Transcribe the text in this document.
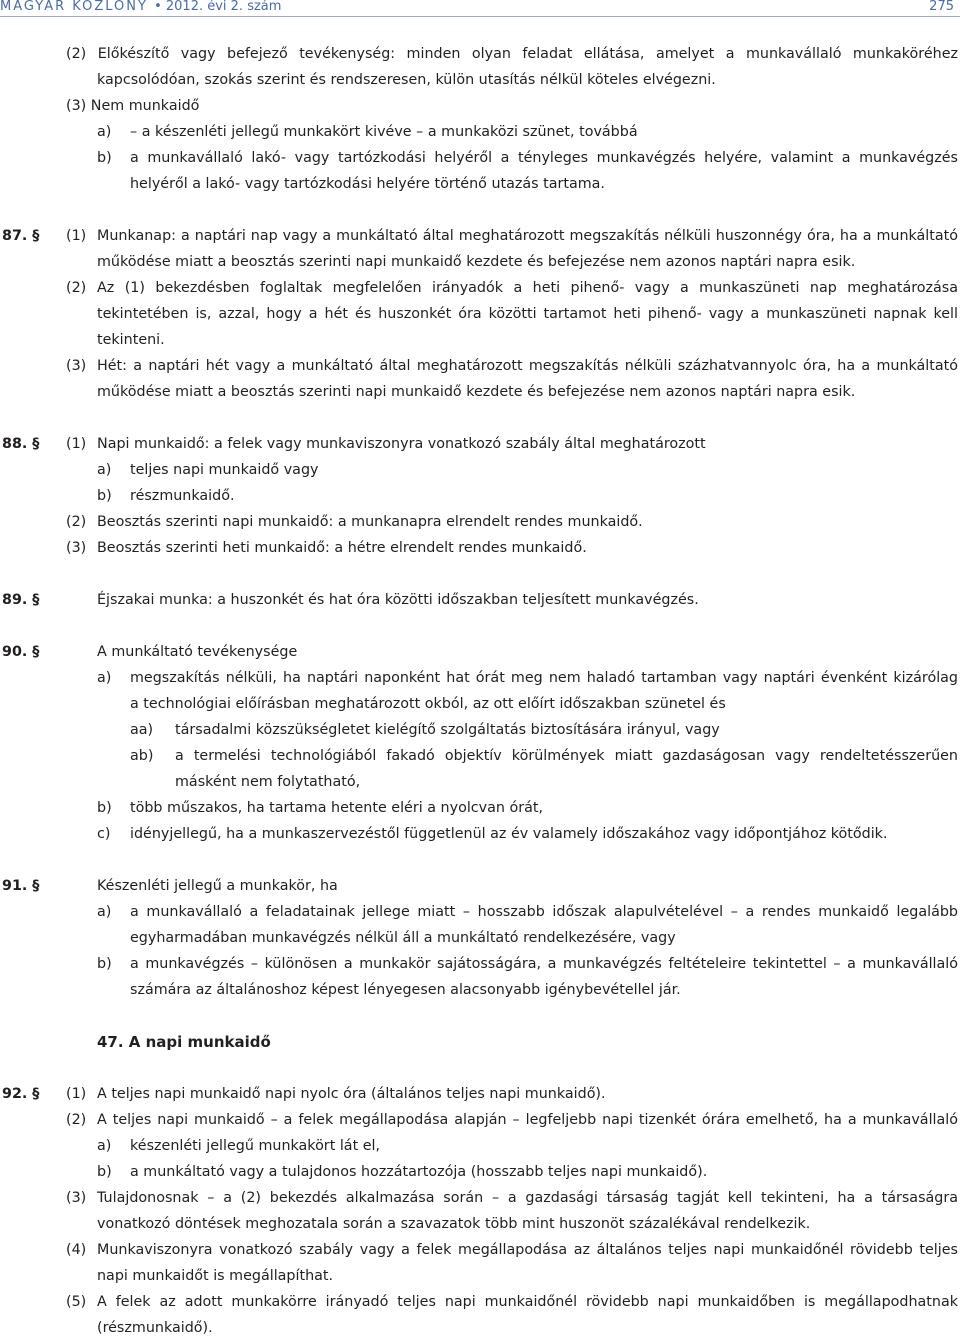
MAGYAR KÖZLÖNY • 2012. évi 2. szám	275
(2) Előkészítő vagy befejező tevékenység: minden olyan feladat ellátása, amelyet a munkavállaló munkaköréhez
kapcsolódóan, szokás szerint és rendszeresen, külön utasítás nélkül köteles elvégezni.
(3) Nem munkaidő
a) – a készenléti jellegű munkakört kivéve – a munkaközi szünet, továbbá
b) a munkavállaló lakó- vagy tartózkodási helyéről a tényleges munkavégzés helyére, valamint a munkavégzés
helyéről a lakó- vagy tartózkodási helyére történő utazás tartama.
87. § (1) Munkanap: a naptári nap vagy a munkáltató által meghatározott megszakítás nélküli huszonnégy óra, ha a munkáltató
működése miatt a beosztás szerinti napi munkaidő kezdete és befejezése nem azonos naptári napra esik.
(2) Az (1) bekezdésben foglaltak megfelelően irányadók a heti pihenő- vagy a munkaszüneti nap meghatározása
tekintetében is, azzal, hogy a hét és huszonkét óra közötti tartamot heti pihenő- vagy a munkaszüneti napnak kell
tekinteni.
(3) Hét: a naptári hét vagy a munkáltató által meghatározott megszakítás nélküli százhatvannyolc óra, ha a munkáltató
működése miatt a beosztás szerinti napi munkaidő kezdete és befejezése nem azonos naptári napra esik.
88. § (1) Napi munkaidő: a felek vagy munkaviszonyra vonatkozó szabály által meghatározott
a) teljes napi munkaidő vagy
b) részmunkaidő.
(2) Beosztás szerinti napi munkaidő: a munkanapra elrendelt rendes munkaidő.
(3) Beosztás szerinti heti munkaidő: a hétre elrendelt rendes munkaidő.
89. §	Éjszakai munka: a huszonkét és hat óra közötti időszakban teljesített munkavégzés.
90. §	A munkáltató tevékenysége
a) megszakítás nélküli, ha naptári naponként hat órát meg nem haladó tartamban vagy naptári évenként kizárólag
a technológiai előírásban meghatározott okból, az ott előírt időszakban szünetel és
aa) társadalmi közszükségletet kielégítő szolgáltatás biztosítására irányul, vagy
ab) a termelési technológiából fakadó objektív körülmények miatt gazdaságosan vagy rendeltetésszerűen
másként nem folytatható,
b) több műszakos, ha tartama hetente eléri a nyolcvan órát,
c) idényjellegű, ha a munkaszervezéstől függetlenül az év valamely időszakához vagy időpontjához kötődik.
91. §	Készenléti jellegű a munkakör, ha
a) a munkavállaló a feladatainak jellege miatt – hosszabb időszak alapulvételével – a rendes munkaidő legalább
egyharmadában munkavégzés nélkül áll a munkáltató rendelkezésére, vagy
b) a munkavégzés – különösen a munkakör sajátosságára, a munkavégzés feltételeire tekintettel – a munkavállaló
számára az általánoshoz képest lényegesen alacsonyabb igénybevétellel jár.
47. A napi munkaidő
92. § (1) A teljes napi munkaidő napi nyolc óra (általános teljes napi munkaidő).
(2) A teljes napi munkaidő – a felek megállapodása alapján – legfeljebb napi tizenkét órára emelhető, ha a munkavállaló
a) készenléti jellegű munkakört lát el,
b) a munkáltató vagy a tulajdonos hozzátartozója (hosszabb teljes napi munkaidő).
(3) Tulajdonosnak – a (2) bekezdés alkalmazása során – a gazdasági társaság tagját kell tekinteni, ha a társaságra
vonatkozó döntések meghozatala során a szavazatok több mint huszonöt százalékával rendelkezik.
(4) Munkaviszonyra vonatkozó szabály vagy a felek megállapodása az általános teljes napi munkaidőnél rövidebb teljes
napi munkaidőt is megállapíthat.
(5) A felek az adott munkakörre irányadó teljes napi munkaidőnél rövidebb napi munkaidőben is megállapodhatnak
(részmunkaidő).
